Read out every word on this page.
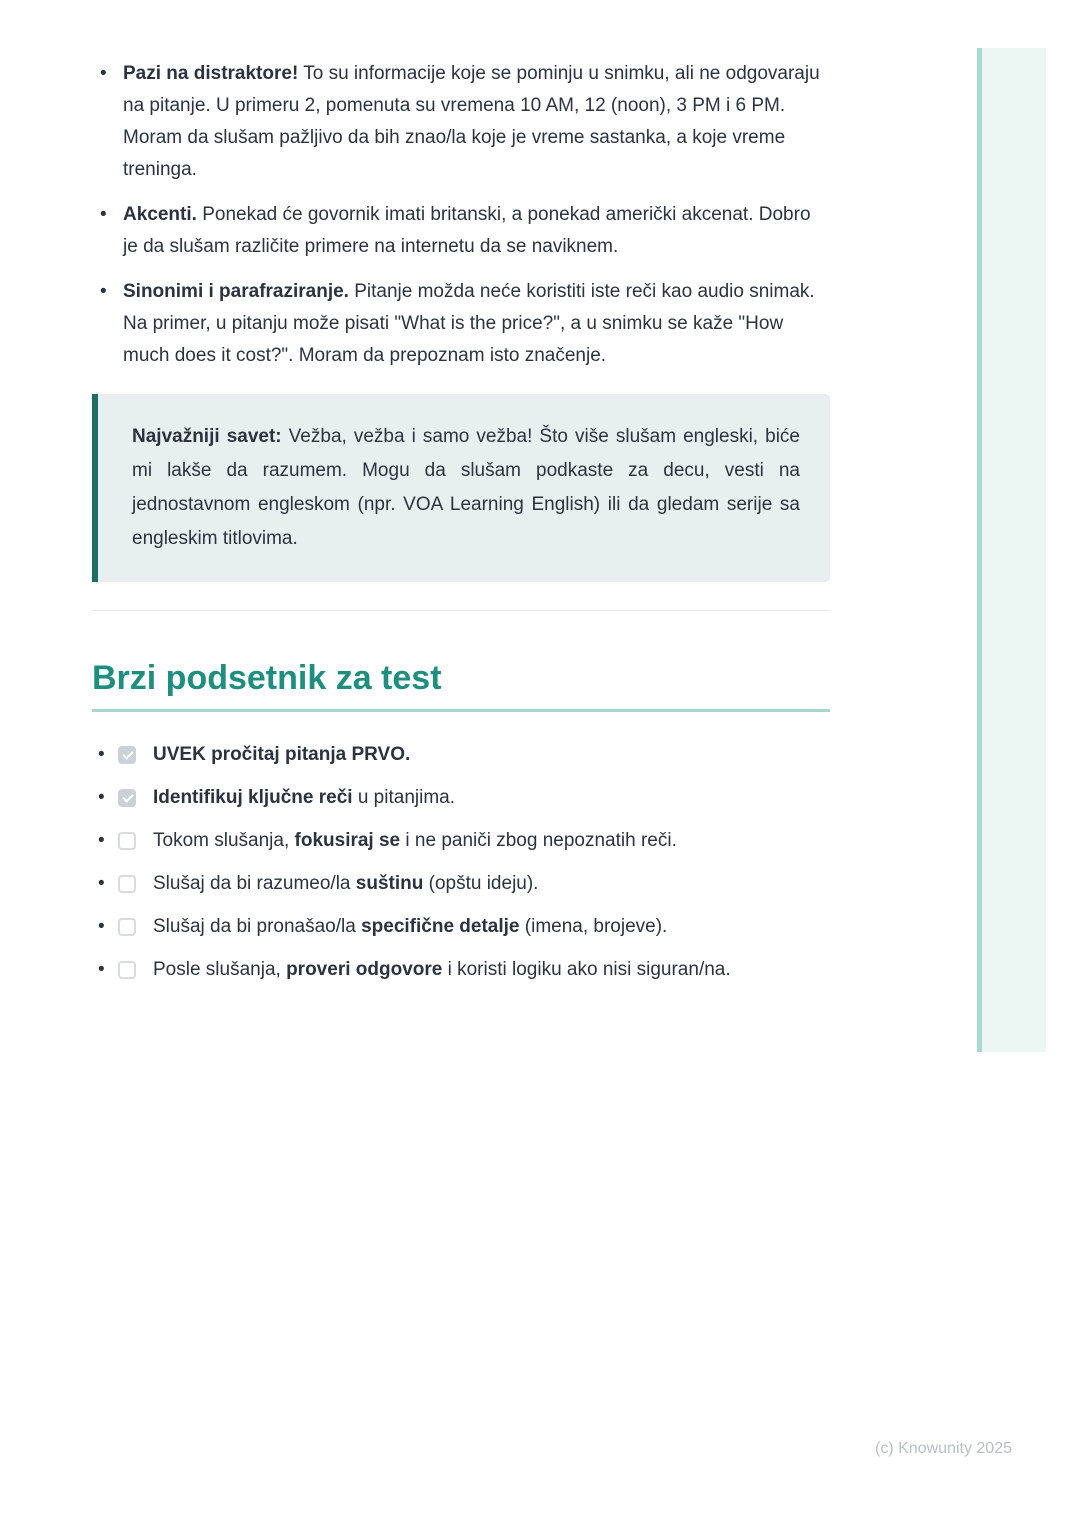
• Pazi na distraktore! To su informacije koje se pominju u snimku, ali ne odgovaraju na pitanje. U primeru 2, pomenuta su vremena 10 AM, 12 (noon), 3 PM i 6 PM. Moram da slušam pažljivo da bih znao/la koje je vreme sastanka, a koje vreme treninga.
• Akcenti. Ponekad će govornik imati britanski, a ponekad američki akcenat. Dobro je da slušam različite primere na internetu da se naviknem.
• Sinonimi i parafraziranje. Pitanje možda neće koristiti iste reči kao audio snimak. Na primer, u pitanju može pisati "What is the price?", a u snimku se kaže "How much does it cost?". Moram da prepoznam isto značenje.

Najvažniji savet: Vežba, vežba i samo vežba! Što više slušam engleski, biće mi lakše da razumem. Mogu da slušam podkaste za decu, vesti na jednostavnom engleskom (npr. VOA Learning English) ili da gledam serije sa engleskim titlovima.

Brzi podsetnik za test
•	UVEK pročitaj pitanja PRVO.
•	Identifikuj ključne reči u pitanjima.
•	Tokom slušanja, fokusiraj se i ne paniči zbog nepoznatih reči.
•	Slušaj da bi razumeo/la suštinu (opštu ideju).
•	Slušaj da bi pronašao/la specifične detalje (imena, brojeve).
•	Posle slušanja, proveri odgovore i koristi logiku ako nisi siguran/na.
(c) Knowunity 2025
